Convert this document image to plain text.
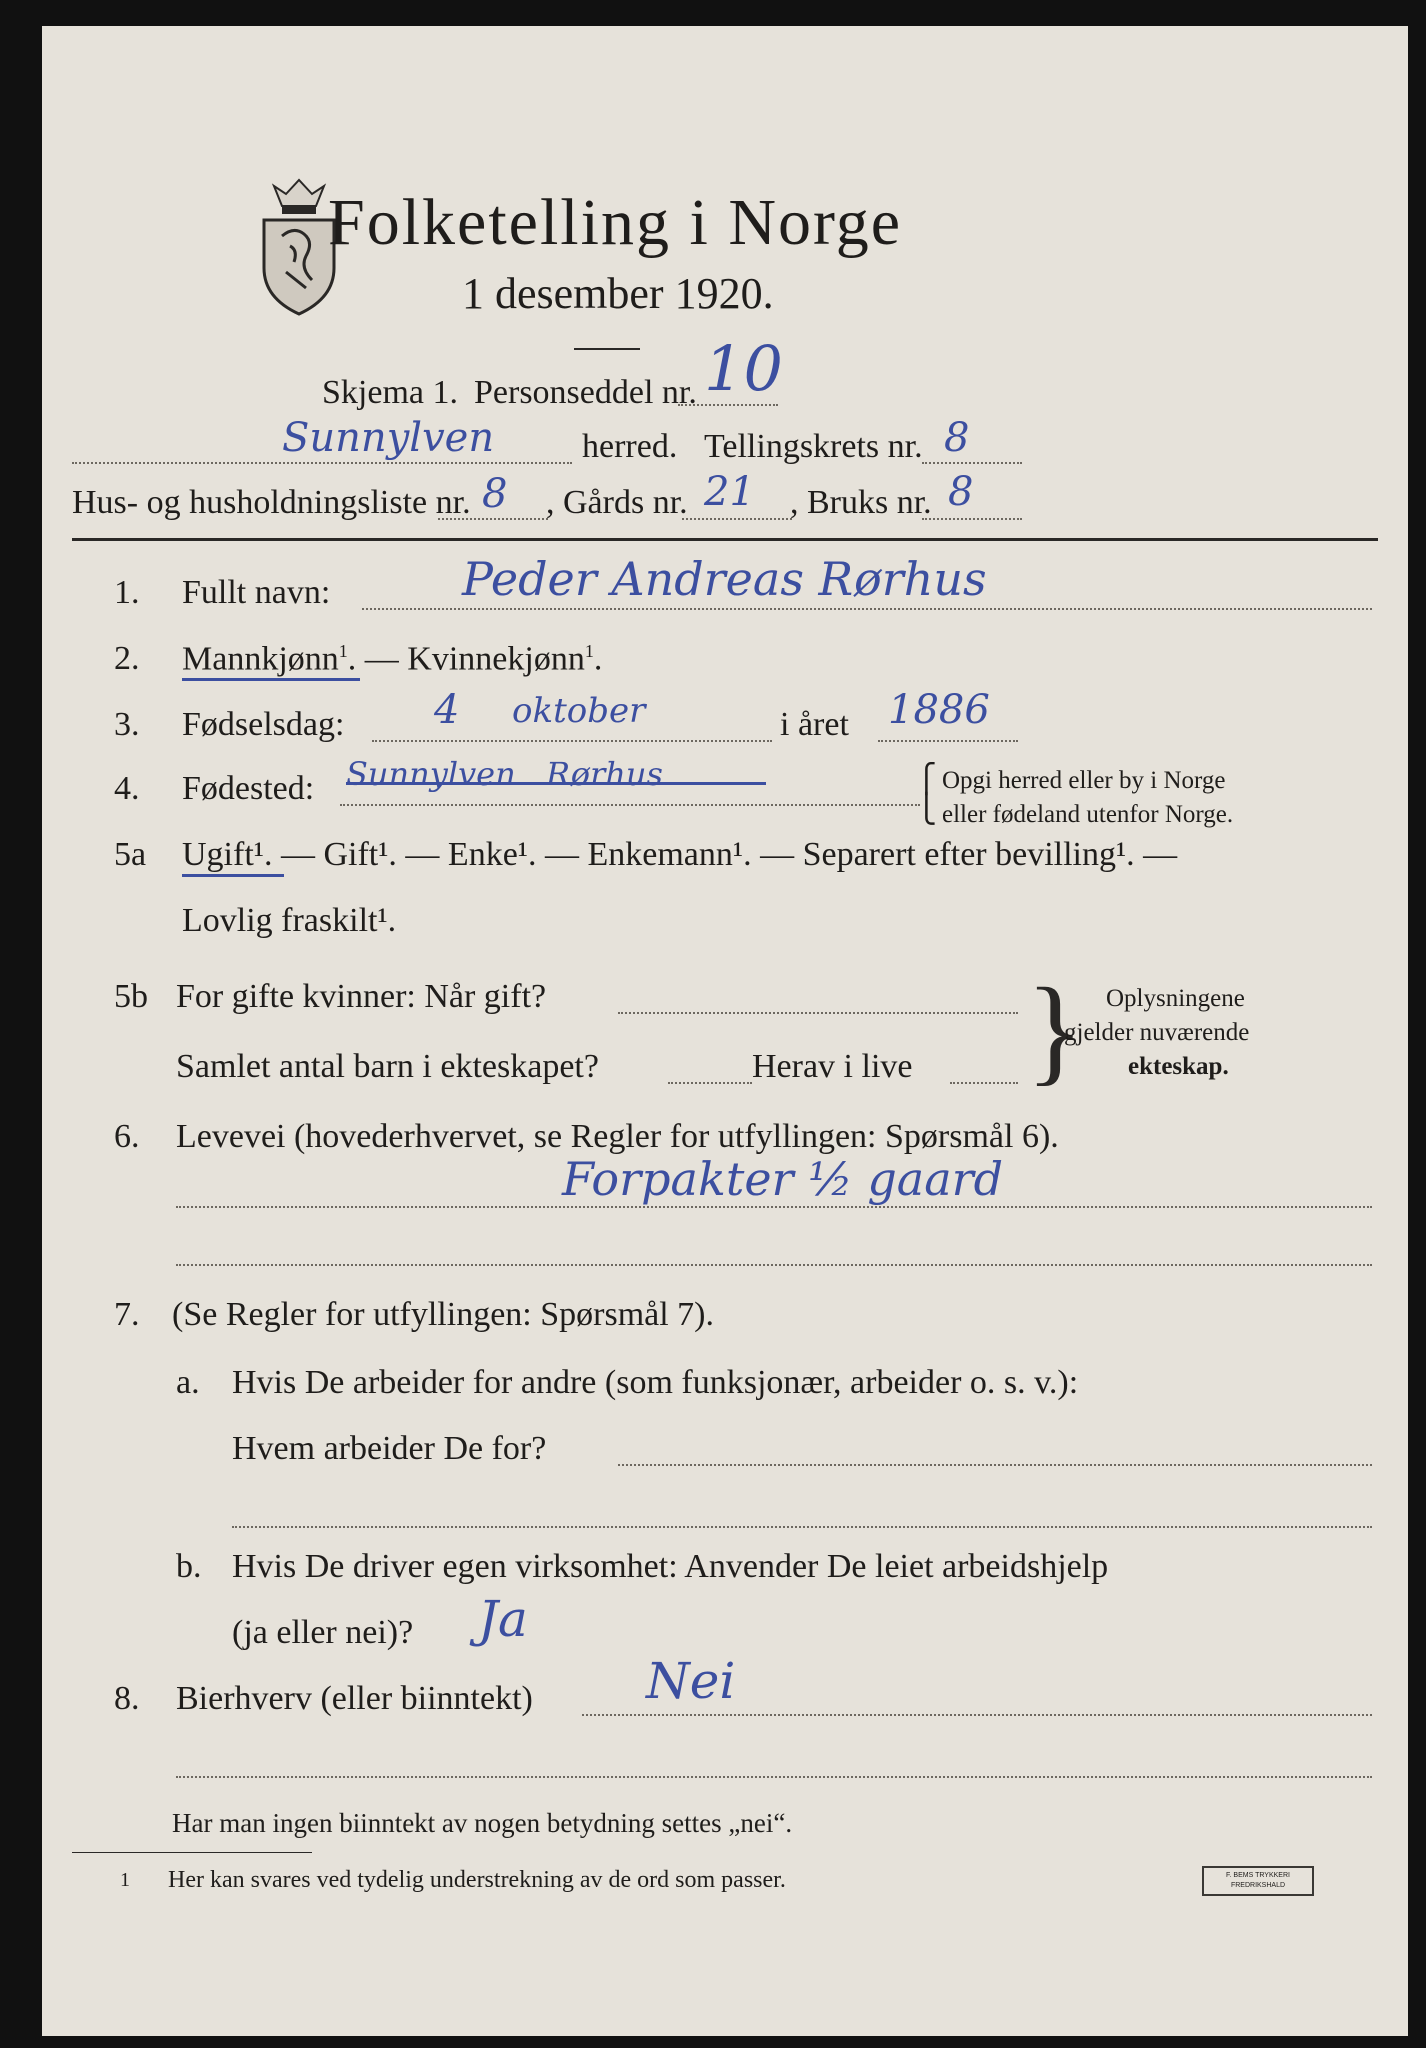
Folketelling i Norge
1 desember 1920.
Skjema 1. Personseddel nr. 10
Sunnylven	herred. Tellingskrets nr. 8
Hus- og husholdningsliste nr. 8 , Gårds nr. 21 , Bruks nr. 8
1. Fullt navn:	Peder Andreas Rørhus
2. Mannkjønn$^1$. — Kvinnekjønn$^1$.
3. Fødselsdag: 4 oktober	i året 1886
4. Fødested: Sunnylven Rørhus	⎧
⎩
Opgi herred eller by i Norge
eller fødeland utenfor Norge.
5a Ugift¹. — Gift¹. — Enke¹. — Enkemann¹. — Separert efter bevilling¹. —
Lovlig fraskilt¹.
5b For gifte kvinner: Når gift?
Samlet antal barn i ekteskapet?	Herav i live } Oplysningene
gjelder nuværende
ekteskap.
6. Levevei (hovederhvervet, se Regler for utfyllingen: Spørsmål 6).
Forpakter ½ gaard
7. (Se Regler for utfyllingen: Spørsmål 7).
a. Hvis De arbeider for andre (som funksjonær, arbeider o. s. v.):
Hvem arbeider De for?
b. Hvis De driver egen virksomhet: Anvender De leiet arbeidshjelp
(ja eller nei)? Ja
8. Bierhverv (eller biinntekt) Nei
Har man ingen biinntekt av nogen betydning settes „nei“.
1 Her kan svares ved tydelig understrekning av de ord som passer.	F. BEMS TRYKKERI FREDRIKSHALD
